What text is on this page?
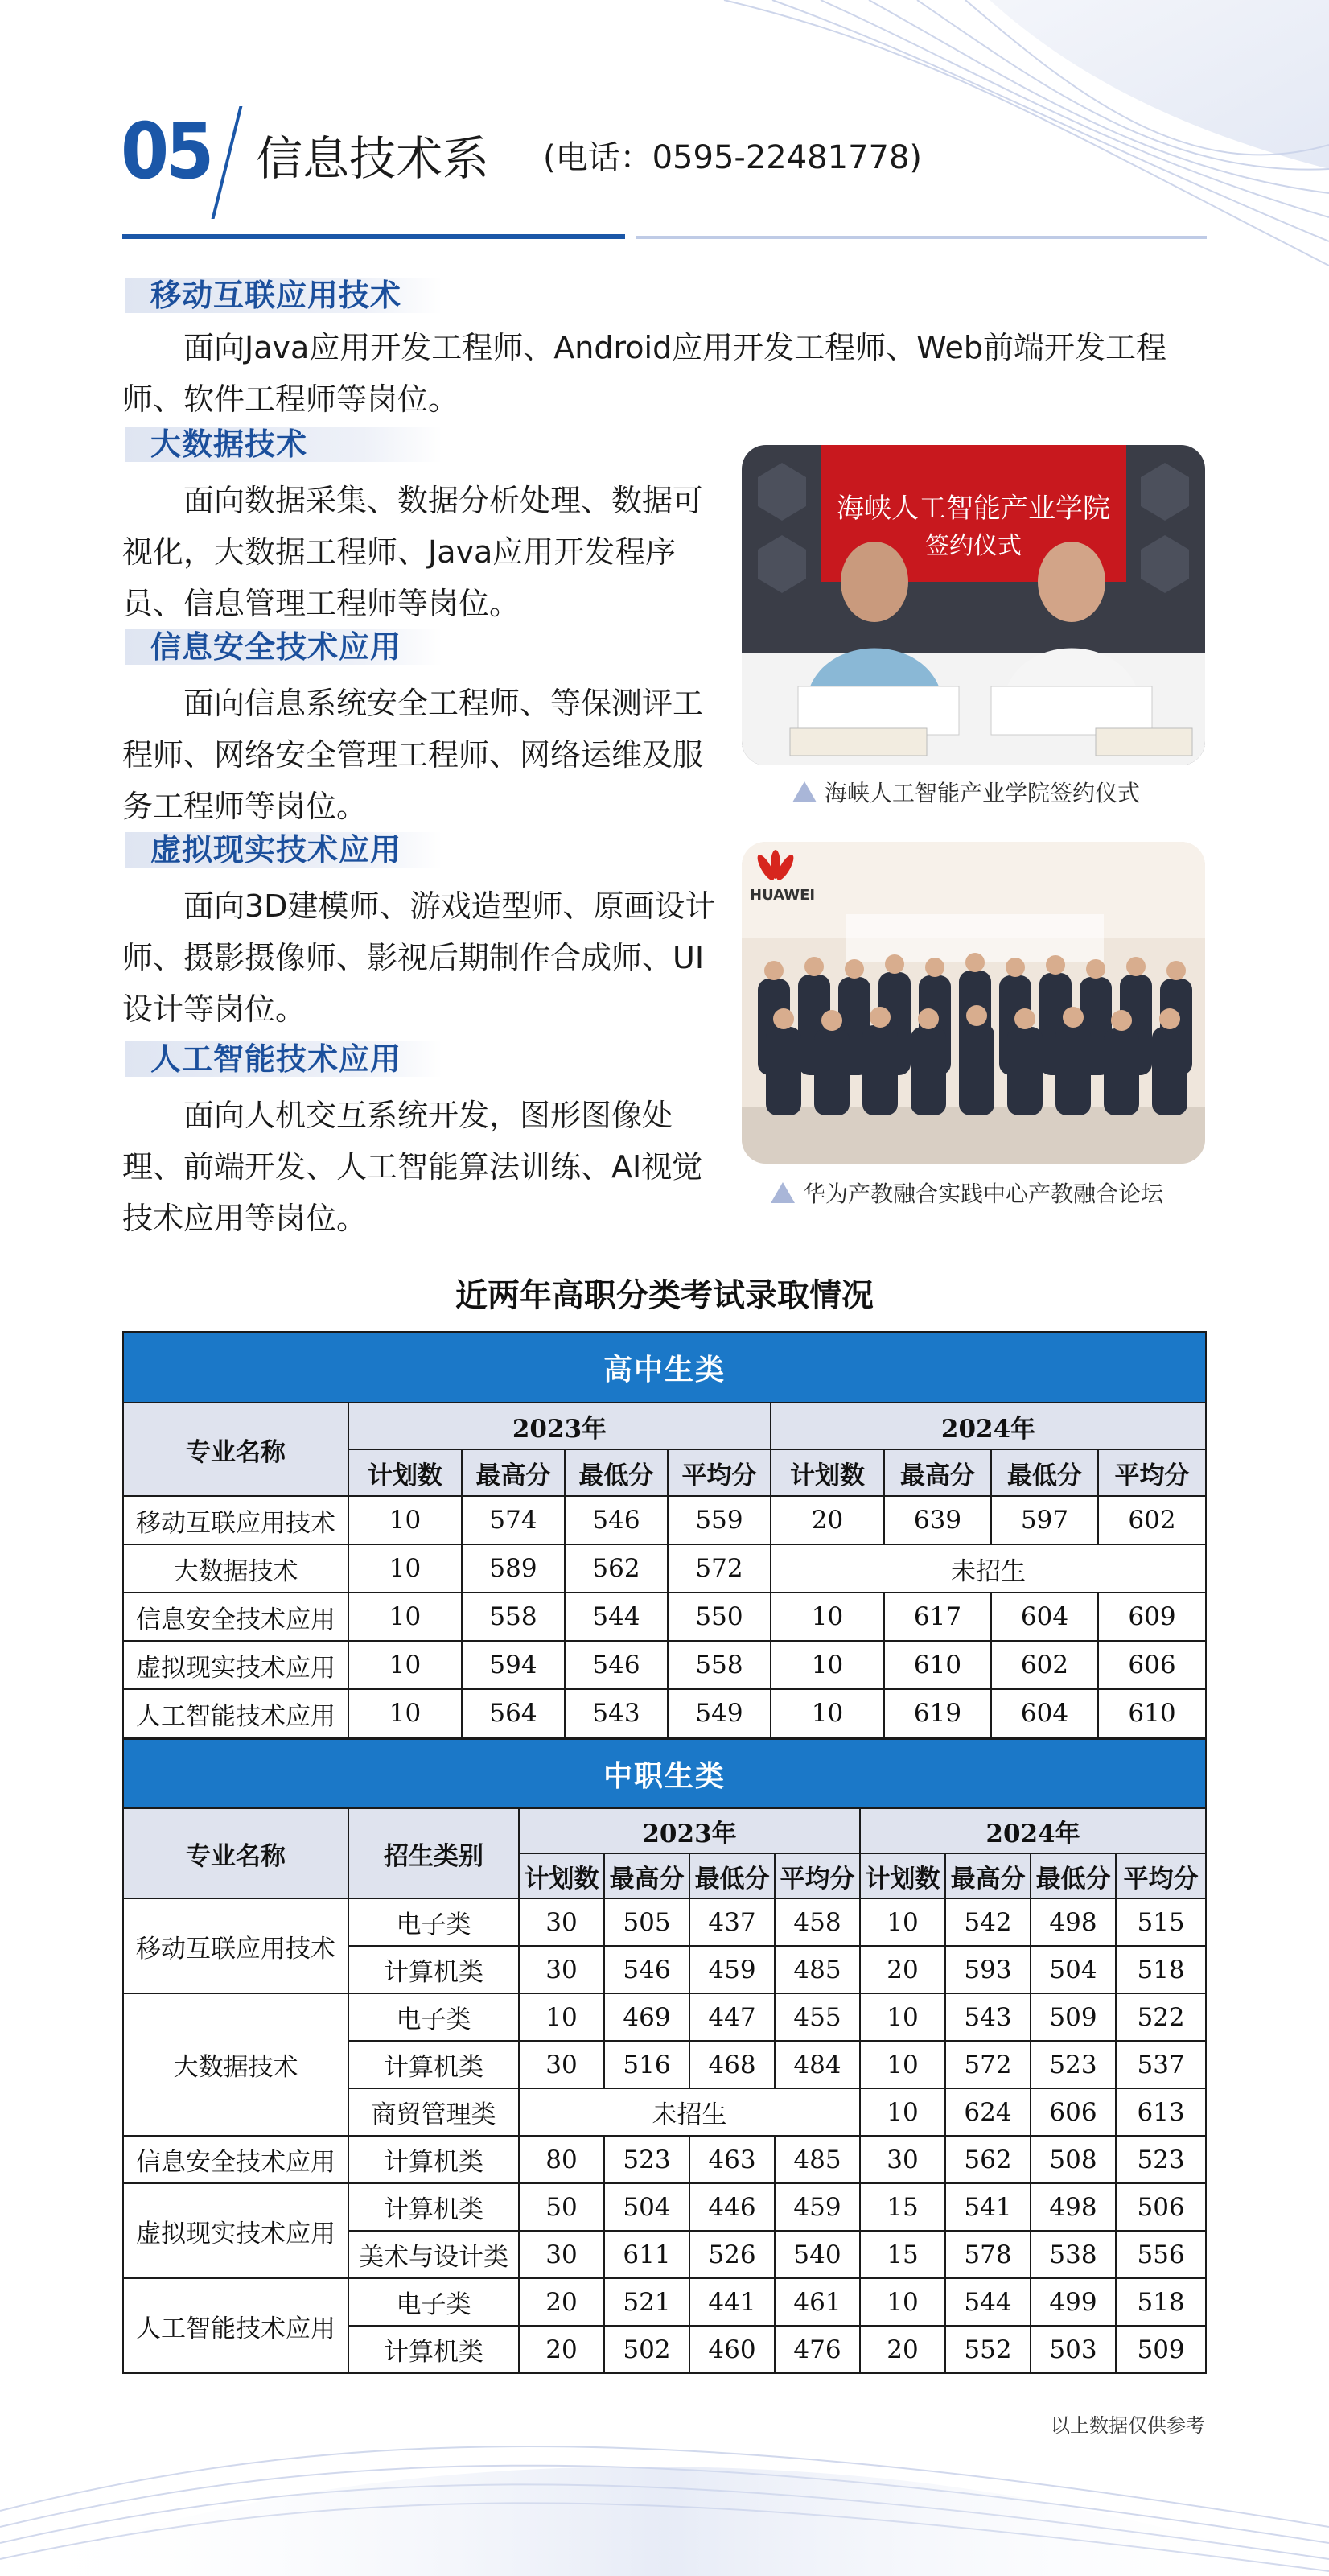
05 信息技术系 (电话：0595-22481778)
移动互联应用技术
面向Java应用开发工程师、Android应用开发工程师、Web前端开发工程师、软件工程师等岗位。
大数据技术
面向数据采集、数据分析处理、数据可视化，大数据工程师、Java应用开发程序员、信息管理工程师等岗位。
信息安全技术应用
面向信息系统安全工程师、等保测评工程师、网络安全管理工程师、网络运维及服务工程师等岗位。
虚拟现实技术应用
面向3D建模师、游戏造型师、原画设计师、摄影摄像师、影视后期制作合成师、UI设计等岗位。
人工智能技术应用
面向人机交互系统开发，图形图像处理、前端开发、人工智能算法训练、AI视觉技术应用等岗位。
海峡人工智能产业学院
签约仪式
海峡人工智能产业学院签约仪式
HUAWEI
华为产教融合实践中心产教融合论坛
近两年高职分类考试录取情况
高中生类								
专业名称	2023年				2024年			
	计划数	最高分	最低分	平均分	计划数	最高分	最低分	平均分
移动互联应用技术	10	574	546	559	20	639	597	602
大数据技术	10	589	562	572	未招生			
信息安全技术应用	10	558	544	550	10	617	604	609
虚拟现实技术应用	10	594	546	558	10	610	602	606
人工智能技术应用	10	564	543	549	10	619	604	610
中职生类									
专业名称	招生类别	2023年				2024年			
		计划数	最高分	最低分	平均分	计划数	最高分	最低分	平均分
移动互联应用技术	电子类	30	505	437	458	10	542	498	515
	计算机类	30	546	459	485	20	593	504	518
大数据技术	电子类	10	469	447	455	10	543	509	522
	计算机类	30	516	468	484	10	572	523	537
	商贸管理类	未招生				10	624	606	613
信息安全技术应用	计算机类	80	523	463	485	30	562	508	523
虚拟现实技术应用	计算机类	50	504	446	459	15	541	498	506
	美术与设计类	30	611	526	540	15	578	538	556
人工智能技术应用	电子类	20	521	441	461	10	544	499	518
	计算机类	20	502	460	476	20	552	503	509
以上数据仅供参考
